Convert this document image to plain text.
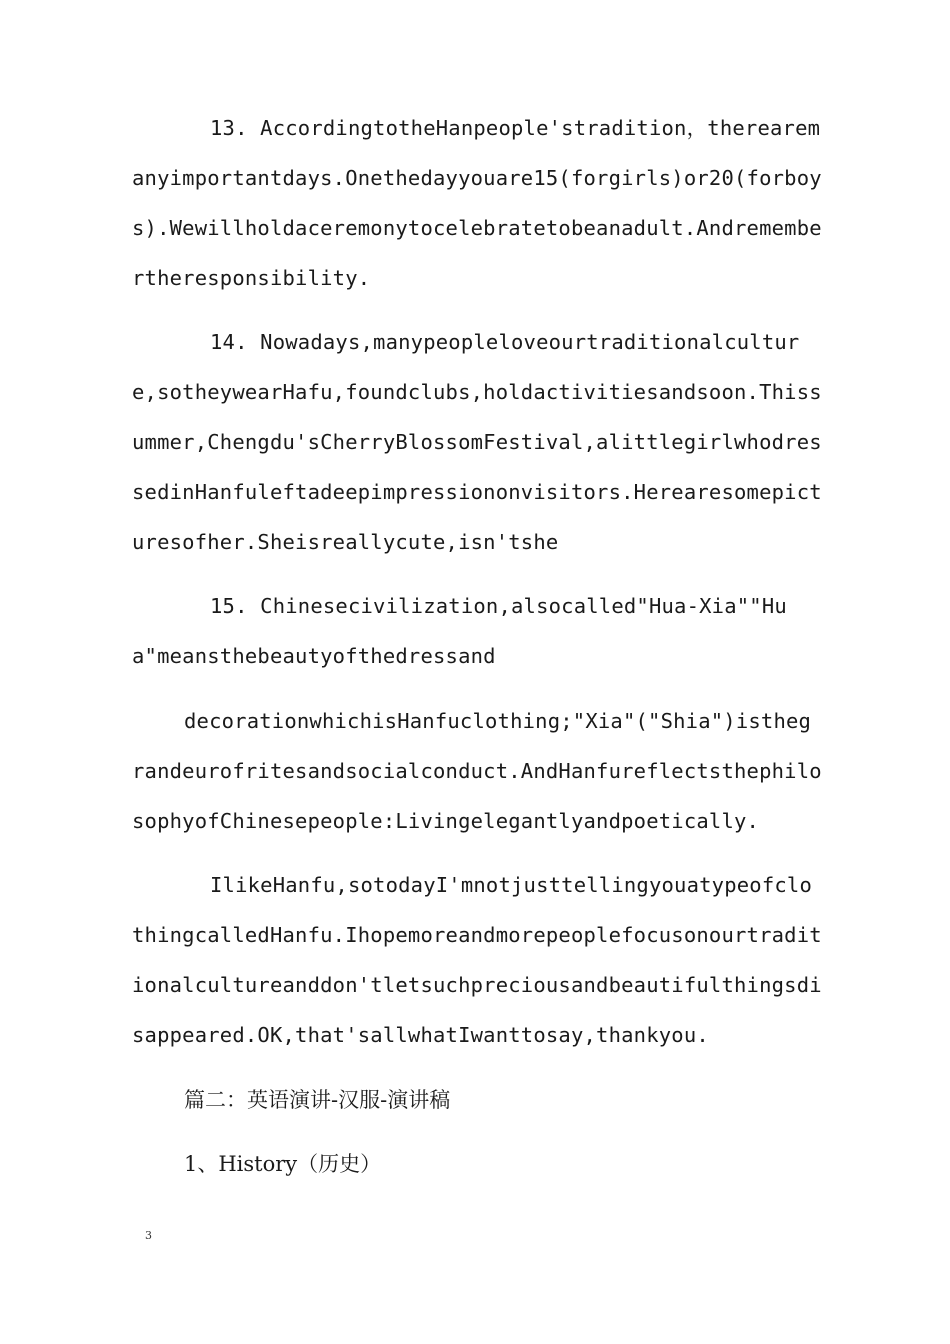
13. AccordingtotheHanpeople'stradition，therearemanyimportantdays.Onethedayyouare15(forgirls)or20(forboys).Wewillholdaceremonytocelebratetobeanadult.Andremembertheresponsibility.
14. Nowadays,manypeopleloveourtraditionalculture,sotheywearHafu,foundclubs,holdactivitiesandsoon.Thissummer,Chengdu'sCherryBlossomFestival,alittlegirlwhodressedinHanfuleftadeepimpressiononvisitors.Herearesomepicturesofher.Sheisreallycute,isn'tshe
15. Chinesecivilization,alsocalled"Hua-Xia""Hua"meansthebeautyofthedressand
decorationwhichisHanfuclothing;"Xia"("Shia")isthegrandeurofritesandsocialconduct.AndHanfureflectsthephilosophyofChinesepeople:Livingelegantlyandpoetically.
IlikeHanfu,sotodayI'mnotjusttellingyouatypeofclothingcalledHanfu.Ihopemoreandmorepeoplefocusonourtraditionalcultureanddon'tletsuchpreciousandbeautifulthingsdisappeared.OK,that'sallwhatIwanttosay,thankyou.
篇二：英语演讲-汉服-演讲稿
1、History（历史）
3
